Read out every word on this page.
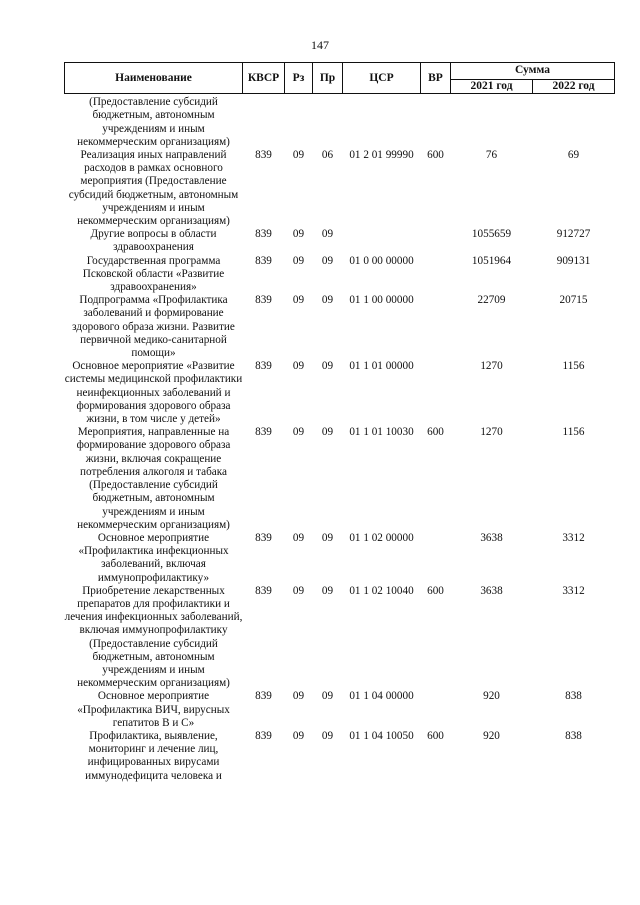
147
Наименование	КВСР	Рз	Пр	ЦСР	ВР	Сумма	
						2021 год	2022 год
(Предоставление субсидий бюджетным, автономным учреждениям и иным некоммерческим организациям)							
Реализация иных направлений расходов в рамках основного мероприятия (Предоставление субсидий бюджетным, автономным учреждениям и иным некоммерческим организациям)	839	09	06	01 2 01 99990	600	76	69
Другие вопросы в области здравоохранения	839	09	09			1055659	912727
Государственная программа Псковской области «Развитие здравоохранения»	839	09	09	01 0 00 00000		1051964	909131
Подпрограмма «Профилактика заболеваний и формирование здорового образа жизни. Развитие первичной медико-санитарной помощи»	839	09	09	01 1 00 00000		22709	20715
Основное мероприятие «Развитие системы медицинской профилактики неинфекционных заболеваний и формирования здорового образа жизни, в том числе у детей»	839	09	09	01 1 01 00000		1270	1156
Мероприятия, направленные на формирование здорового образа жизни, включая сокращение потребления алкоголя и табака (Предоставление субсидий бюджетным, автономным учреждениям и иным некоммерческим организациям)	839	09	09	01 1 01 10030	600	1270	1156
Основное мероприятие «Профилактика инфекционных заболеваний, включая иммунопрофилактику»	839	09	09	01 1 02 00000		3638	3312
Приобретение лекарственных препаратов для профилактики и лечения инфекционных заболеваний, включая иммунопрофилактику (Предоставление субсидий бюджетным, автономным учреждениям и иным некоммерческим организациям)	839	09	09	01 1 02 10040	600	3638	3312
Основное мероприятие «Профилактика ВИЧ, вирусных гепатитов В и С»	839	09	09	01 1 04 00000		920	838
Профилактика, выявление, мониторинг и лечение лиц, инфицированных вирусами иммунодефицита человека и	839	09	09	01 1 04 10050	600	920	838
